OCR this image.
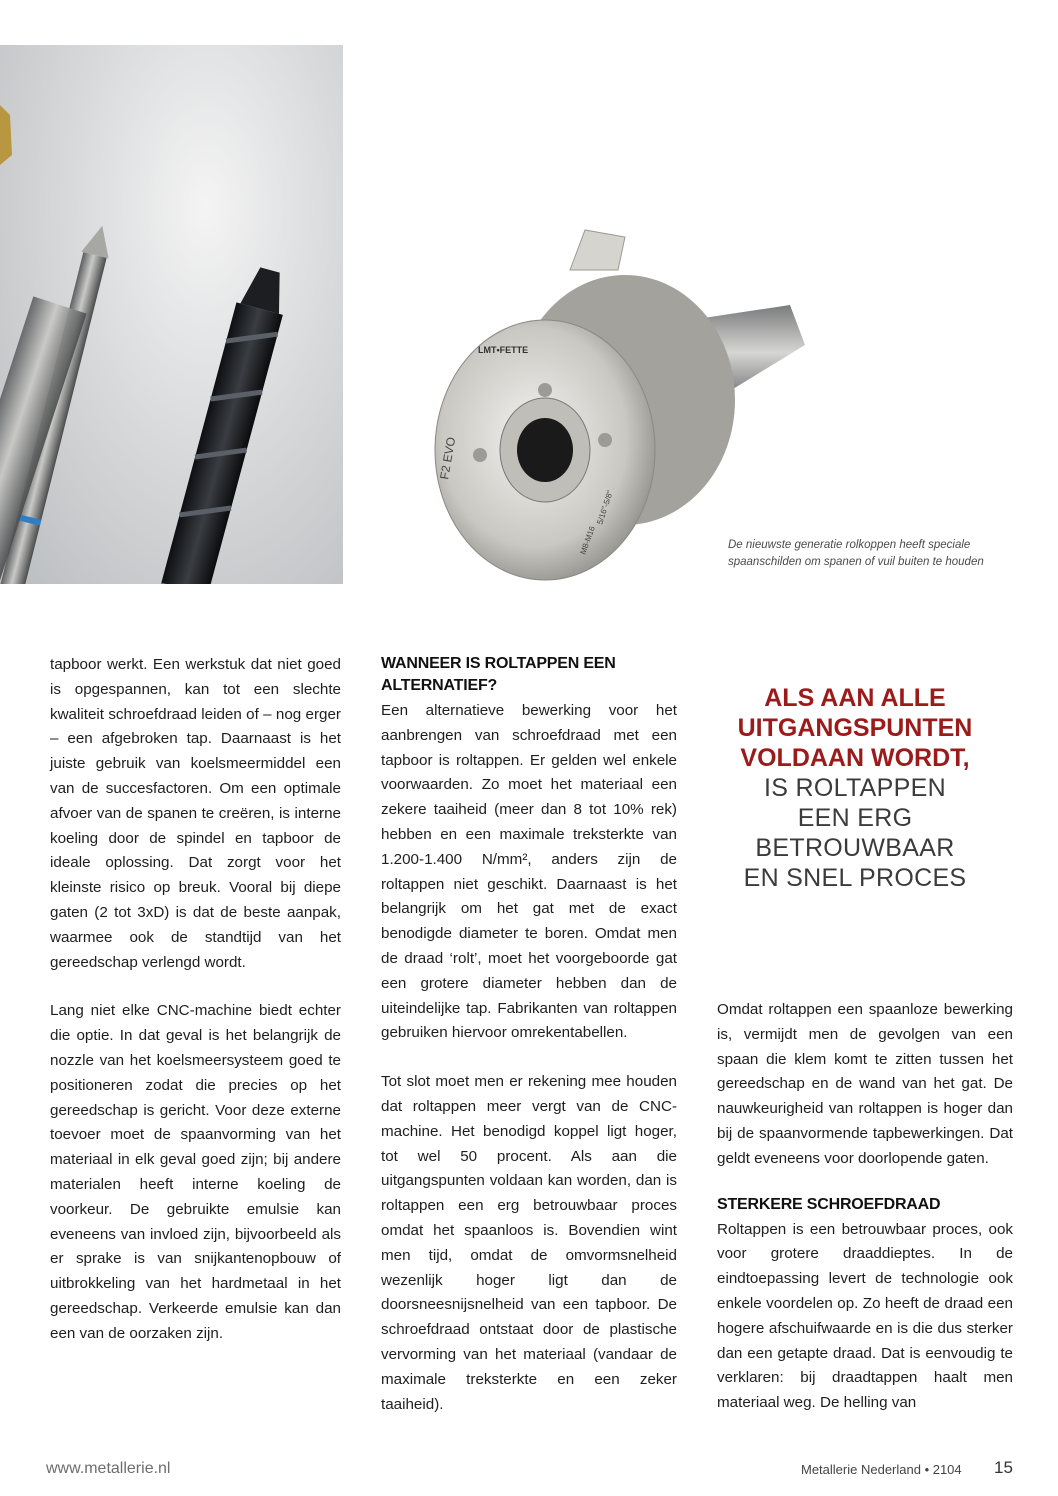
LMT•FETTE
F2 EVO
M8-M16
5/16"-5/8"
De nieuwste generatie rolkoppen heeft speciale spaanschilden om spanen of vuil buiten te houden

tapboor werkt. Een werkstuk dat niet goed is opgespannen, kan tot een slechte kwaliteit schroefdraad leiden of – nog erger – een afgebroken tap. Daarnaast is het juiste gebruik van koelsmeermiddel een van de succesfactoren. Om een optimale afvoer van de spanen te creëren, is interne koeling door de spindel en tapboor de ideale oplossing. Dat zorgt voor het kleinste risico op breuk. Vooral bij diepe gaten (2 tot 3xD) is dat de beste aanpak, waarmee ook de standtijd van het gereedschap verlengd wordt.

Lang niet elke CNC-machine biedt echter die optie. In dat geval is het belangrijk de nozzle van het koelsmeersysteem goed te positioneren zodat die precies op het gereedschap is gericht. Voor deze externe toevoer moet de spaanvorming van het materiaal in elk geval goed zijn; bij andere materialen heeft interne koeling de voorkeur. De gebruikte emulsie kan eveneens van invloed zijn, bijvoorbeeld als er sprake is van snijkantenopbouw of uitbrokkeling van het hardmetaal in het gereedschap. Verkeerde emulsie kan dan een van de oorzaken zijn.

WANNEER IS ROLTAPPEN EEN ALTERNATIEF?

Een alternatieve bewerking voor het aanbrengen van schroefdraad met een tapboor is roltappen. Er gelden wel enkele voorwaarden. Zo moet het materiaal een zekere taaiheid (meer dan 8 tot 10% rek) hebben en een maximale treksterkte van 1.200-1.400 N/mm², anders zijn de roltappen niet geschikt. Daarnaast is het belangrijk om het gat met de exact benodigde diameter te boren. Omdat men de draad ‘rolt’, moet het voorgeboorde gat een grotere diameter hebben dan de uiteindelijke tap. Fabrikanten van roltappen gebruiken hiervoor omrekentabellen.

Tot slot moet men er rekening mee houden dat roltappen meer vergt van de CNC-machine. Het benodigd koppel ligt hoger, tot wel 50 procent. Als aan die uitgangspunten voldaan kan worden, dan is roltappen een erg betrouwbaar proces omdat het spaanloos is. Bovendien wint men tijd, omdat de omvormsnelheid wezenlijk hoger ligt dan de doorsneesnijsnelheid van een tapboor. De schroefdraad ontstaat door de plastische vervorming van het materiaal (vandaar de maximale treksterkte en een zeker taaiheid).

ALS AAN ALLE
UITGANGSPUNTEN
VOLDAAN WORDT,
IS ROLTAPPEN
EEN ERG
BETROUWBAAR
EN SNEL PROCES

Omdat roltappen een spaanloze bewerking is, vermijdt men de gevolgen van een spaan die klem komt te zitten tussen het gereedschap en de wand van het gat. De nauwkeurigheid van roltappen is hoger dan bij de spaanvormende tapbewerkingen. Dat geldt eveneens voor doorlopende gaten.

STERKERE SCHROEFDRAAD

Roltappen is een betrouwbaar proces, ook voor grotere draaddieptes. In de eindtoepassing levert de technologie ook enkele voordelen op. Zo heeft de draad een hogere afschuifwaarde en is die dus sterker dan een getapte draad. Dat is eenvoudig te verklaren: bij draadtappen haalt men materiaal weg. De helling van

www.metallerie.nl	Metallerie Nederland • 2104 15
